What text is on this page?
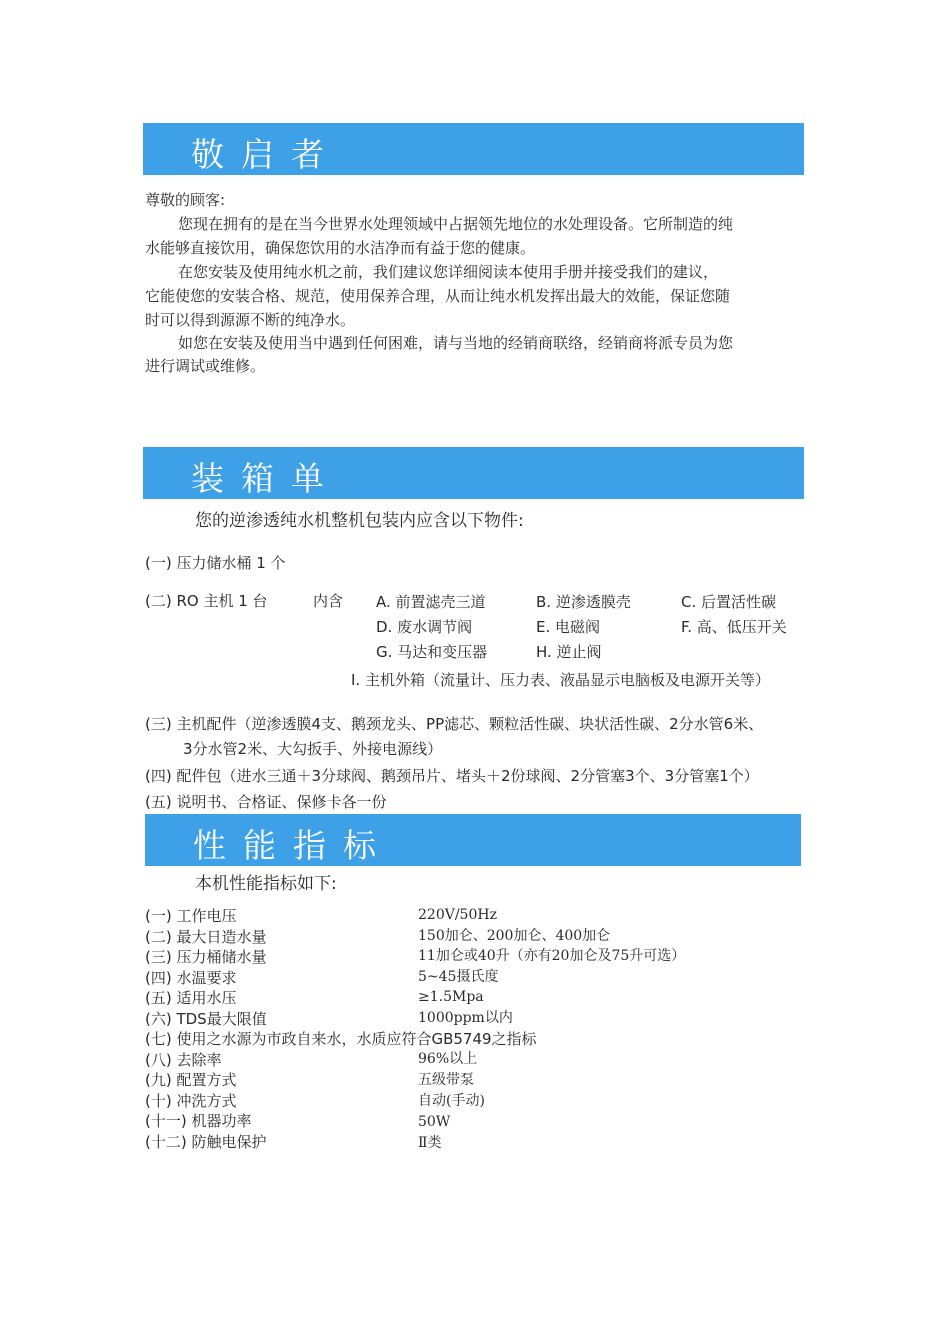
敬启者
尊敬的顾客:
您现在拥有的是在当今世界水处理领域中占据领先地位的水处理设备。它所制造的纯
水能够直接饮用，确保您饮用的水洁净而有益于您的健康。
在您安装及使用纯水机之前，我们建议您详细阅读本使用手册并接受我们的建议，
它能使您的安装合格、规范，使用保养合理，从而让纯水机发挥出最大的效能，保证您随
时可以得到源源不断的纯净水。
如您在安装及使用当中遇到任何困难，请与当地的经销商联络，经销商将派专员为您
进行调试或维修。
装箱单
您的逆渗透纯水机整机包装内应含以下物件:
(一) 压力储水桶 1 个
(二) RO 主机 1 台	内含 A. 前置滤壳三道	B. 逆渗透膜壳	C. 后置活性碳
D. 废水调节阀	E. 电磁阀	F. 高、低压开关
G. 马达和变压器	H. 逆止阀
I. 主机外箱（流量计、压力表、液晶显示电脑板及电源开关等）
(三) 主机配件（逆渗透膜4支、鹅颈龙头、PP滤芯、颗粒活性碳、块状活性碳、2分水管6米、
3分水管2米、大勾扳手、外接电源线）
(四) 配件包（进水三通＋3分球阀、鹅颈吊片、堵头＋2份球阀、2分管塞3个、3分管塞1个）
(五) 说明书、合格证、保修卡各一份
性能指标
本机性能指标如下:
(一) 工作电压	220V/50Hz
(二) 最大日造水量	150加仑、200加仑、400加仑
(三) 压力桶储水量	11加仑或40升（亦有20加仑及75升可选）
(四) 水温要求	5~45摄氏度
(五) 适用水压	≥1.5Mpa
(六) TDS最大限值	1000ppm以内
(七) 使用之水源为市政自来水，水质应符合GB5749之指标
(八) 去除率	96%以上
(九) 配置方式	五级带泵
(十) 冲洗方式	自动(手动)
(十一) 机器功率	50W
(十二) 防触电保护	Ⅱ类
